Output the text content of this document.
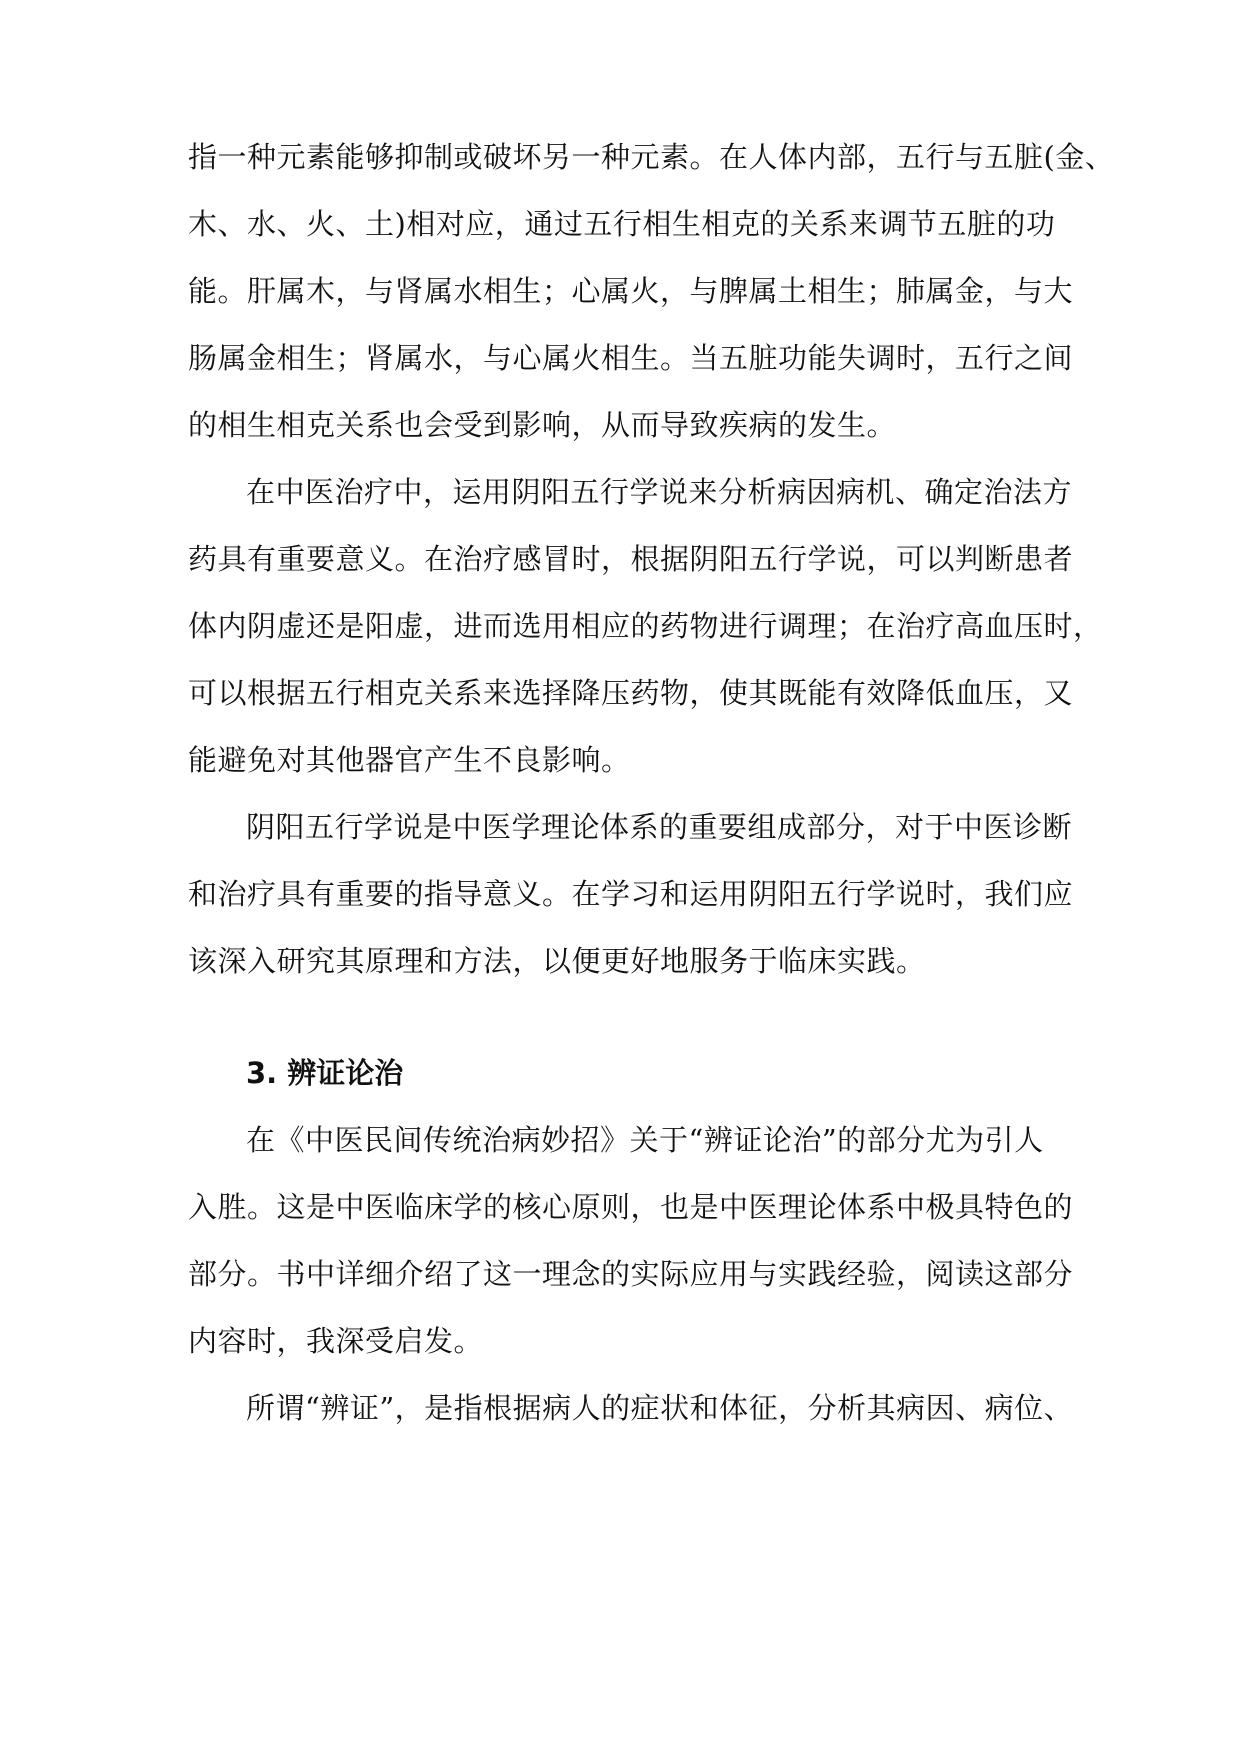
指一种元素能够抑制或破坏另一种元素。在人体内部，五行与五脏(金、
木、水、火、土)相对应，通过五行相生相克的关系来调节五脏的功
能。肝属木，与肾属水相生；心属火，与脾属土相生；肺属金，与大
肠属金相生；肾属水，与心属火相生。当五脏功能失调时，五行之间
的相生相克关系也会受到影响，从而导致疾病的发生。
在中医治疗中，运用阴阳五行学说来分析病因病机、确定治法方
药具有重要意义。在治疗感冒时，根据阴阳五行学说，可以判断患者
体内阴虚还是阳虚，进而选用相应的药物进行调理；在治疗高血压时，
可以根据五行相克关系来选择降压药物，使其既能有效降低血压，又
能避免对其他器官产生不良影响。
阴阳五行学说是中医学理论体系的重要组成部分，对于中医诊断
和治疗具有重要的指导意义。在学习和运用阴阳五行学说时，我们应
该深入研究其原理和方法，以便更好地服务于临床实践。
3. 辨证论治
在《中医民间传统治病妙招》关于“辨证论治”的部分尤为引人
入胜。这是中医临床学的核心原则，也是中医理论体系中极具特色的
部分。书中详细介绍了这一理念的实际应用与实践经验，阅读这部分
内容时，我深受启发。
所谓“辨证”，是指根据病人的症状和体征，分析其病因、病位、
